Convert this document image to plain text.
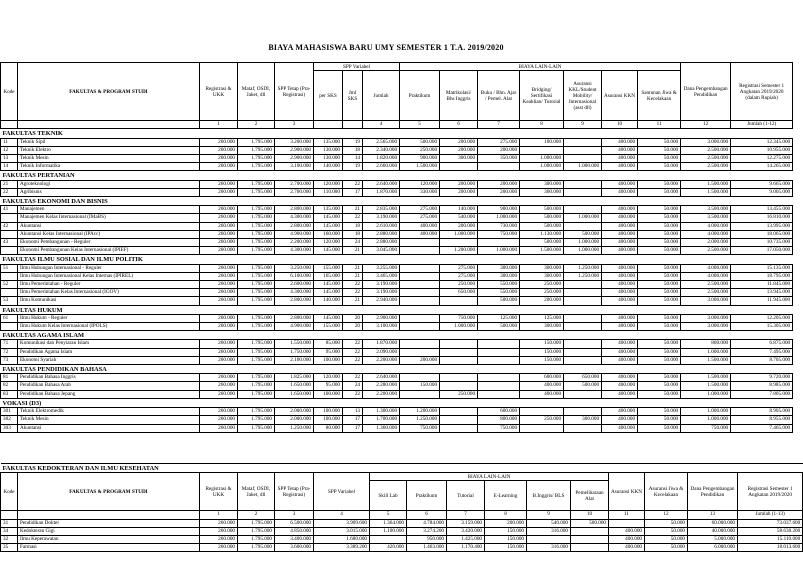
BIAYA MAHASISWA BARU UMY SEMESTER 1 T.A. 2019/2020
Kode	FAKULTAS & PROGRAM STUDI	Registrasi & UKK	Mataf, OSDI, Jaket, dll	SPP Tetap (Pra-Registrasi)	SPP Variabel			BIAYA LAIN-LAIN							Dana Pengembangan Pendidikan	Registrasi Semester 1 Angkatan 2019/2020 (dalam Rupiah)
					per SKS	Jml SKS	Jumlah	Praktikum	Matrikulasi/ Bhs Inggris	Buku / Bhn. Ajar / Pemel. Alat	Bridging/ Sertifikasi Keahlian/ Tutorial	Asuransi KKL/Student Mobility/ Internasional (asst dll)	Asuransi KKN	Santunan Jiwa & Kecelakaan		
		1	2	3			4	5	6	7	8	9	10	11	12	Jumlah (1-12)
FAKULTAS TEKNIK																
11	Teknik Sipil	260.000	1.795.000	3.200.000	135.000	19	2.565.000	500.000	200.000	275.000	100.000		400.000	50.000	3.000.000	12.345.000
12	Teknik Elektro	260.000	1.795.000	2.900.000	130.000	18	2.340.000	250.000	200.000	200.000			400.000	50.000	2.500.000	10.955.000
13	Teknik Mesin	260.000	1.795.000	2.900.000	130.000	14	1.820.000	900.000	300.000	350.000	1.000.000		400.000	50.000	2.500.000	12.275.000
14	Teknik Informatika	260.000	1.795.000	3.100.000	140.000	19	2.660.000	1.500.000			1.000.000	1.000.000	400.000	50.000	2.500.000	14.265.000
FAKULTAS PERTANIAN																
21	Agroteknologi	260.000	1.795.000	2.700.000	120.000	22	2.640.000	120.000	200.000	200.000	300.000		400.000	50.000	1.500.000	9.665.000
22	Agribisnis	260.000	1.795.000	2.700.000	110.000	17	1.870.000	330.000	200.000	200.000	300.000		400.000	50.000	1.500.000	9.005.000
FAKULTAS EKONOMI DAN BISNIS																
41	Manajemen	260.000	1.795.000	2.800.000	135.000	21	2.835.000	275.000	140.000	900.000	500.000		400.000	50.000	3.500.000	13.455.000
	Manajemen Kelas Internasional (IMaBS)	260.000	1.795.000	4.300.000	145.000	22	3.190.000	275.000	540.000	1.000.000	500.000	1.000.000	400.000	50.000	3.500.000	16.810.000
42	Akuntansi	260.000	1.795.000	2.800.000	145.000	18	2.610.000	400.000	200.000	730.000	500.000		400.000	50.000	4.000.000	13.995.000
	Akuntansi Kelas Internasional (IPAcc)	260.000	1.795.000	4.900.000	160.000	18	2.880.000	400.000	1.000.000	750.000	1.130.000	500.000	400.000	50.000	4.000.000	18.065.000
43	Ekonomi Pembangunan - Reguler	260.000	1.795.000	2.200.000	120.000	24	2.880.000				500.000	1.000.000	400.000	50.000	2.000.000	10.735.000
	Ekonomi Pembangunan Kelas Internasional (IPIEF)	260.000	1.795.000	4.300.000	145.000	21	3.045.000		1.200.000	1.000.000	1.500.000	1.000.000	400.000	50.000	2.500.000	17.050.000
FAKULTAS ILMU SOSIAL DAN ILMU POLITIK																
51	Ilmu Hubungan Internasional - Reguler	260.000	1.795.000	3.250.000	155.000	21	3.255.000		275.000	300.000	300.000	1.250.000	400.000	50.000	4.000.000	15.135.000
	Ilmu Hubungan Internasional Kelas Internas (IPIREL)	260.000	1.795.000	6.100.000	165.000	21	3.465.000		275.000	300.000	300.000	1.250.000	400.000	50.000	4.000.000	18.795.000
52	Ilmu Pemerintahan - Reguler	260.000	1.795.000	2.600.000	145.000	22	3.190.000		250.000	550.000	250.000		400.000	50.000	2.500.000	11.845.000
	Ilmu Pemerintahan Kelas Internasional (IGOV)	260.000	1.795.000	4.300.000	145.000	22	3.190.000		650.000	550.000	250.000		400.000	50.000	2.500.000	13.945.000
53	Ilmu Komunikasi	260.000	1.795.000	2.800.000	140.000	21	2.940.000			500.000	200.000		400.000	50.000	3.000.000	11.945.000
FAKULTAS HUKUM																
61	Ilmu Hukum - Reguler	260.000	1.795.000	2.800.000	145.000	20	2.900.000		750.000	125.000	125.000		400.000	50.000	3.000.000	12.205.000
	Ilmu Hukum Kelas Internasional (IPOLS)	260.000	1.795.000	4.900.000	155.000	20	3.100.000		1.000.000	500.000	300.000		400.000	50.000	3.000.000	15.305.000
FAKULTAS AGAMA ISLAM																
71	Komunikasi dan Penyiaran Islam	260.000	1.795.000	1.550.000	85.000	22	1.870.000				150.000		400.000	50.000	800.000	6.875.000
72	Pendidikan Agama Islam	260.000	1.795.000	1.750.000	95.000	22	2.090.000				150.000		400.000	50.000	1.000.000	7.495.000
73	Ekonomi Syariah	260.000	1.795.000	2.100.000	100.000	22	2.200.000	200.000			150.000		400.000	50.000	1.500.000	8.705.000
FAKULTAS PENDIDIKAN BAHASA																
81	Pendidikan Bahasa Inggris	260.000	1.795.000	1.825.000	120.000	22	2.640.000				600.000	650.000	400.000	50.000	1.500.000	9.720.000
82	Pendidikan Bahasa Arab	260.000	1.795.000	1.650.000	95.000	24	2.280.000	150.000			400.000	500.000	400.000	50.000	1.500.000	8.985.000
83	Pendidikan Bahasa Jepang	260.000	1.795.000	1.650.000	100.000	22	2.200.000		250.000		400.000		400.000	50.000	1.000.000	7.805.000
VOKASI (D3)																
301	Teknik Elektromedik	260.000	1.795.000	2.000.000	100.000	13	1.300.000	1.200.000		600.000			400.000	50.000	1.000.000	8.905.000
302	Teknik Mesin	260.000	1.795.000	2.000.000	100.000	17	1.700.000	1.250.000		800.000	250.000	300.000	400.000	50.000	1.000.000	8.955.000
303	Akuntansi	260.000	1.795.000	1.250.000	80.000	17	1.360.000	750.000		750.000			400.000	50.000	750.000	7.465.000
FAKULTAS KEDOKTERAN DAN ILMU KESEHATAN															
Kode	FAKULTAS & PROGRAM STUDI	Registrasi & UKK	Mataf, OSDI, Jaket, dll	SPP Tetap (Pra-Registrasi)	SPP Variabel	BIAYA LAIN-LAIN						Asuransi KKN	Asuransi Jiwa & Kecelakaan	Dana Pengembangan Pendidikan	Registrasi Semester 1 Angkatan 2019/2020
						Skill Lab	Praktikum	Tutorial	E-Learning	B.Inggris/ BLS	Pemeliharaan Alat				
		1	2	3	4	5	6	7	8	9	10	11	12	13	Jumlah (1-13)
31	Pendidikan Dokter	260.000	1.795.000	6.500.000	3.909.600	1.364.000	4.784.000	3.159.000	200.000	540.000	500.000		50.000	60.000.000	73.037.600
34	Kedokteran Gigi	260.000	1.795.000	4.850.000	3.015.000	1.100.000	3.274.200	3.420.000	150.000	316.000		400.000	50.000	40.000.000	58.630.200
32	Ilmu Keperawatan	260.000	1.795.000	3.400.000	1.680.000		950.000	1.425.000	150.000			400.000	50.000	5.000.000	15.110.000
35	Farmasi	260.000	1.795.000	3.600.000	3.389.200	420.000	1.463.000	1.170.400	150.000	316.000		400.000	50.000	6.000.000	18.013.600
